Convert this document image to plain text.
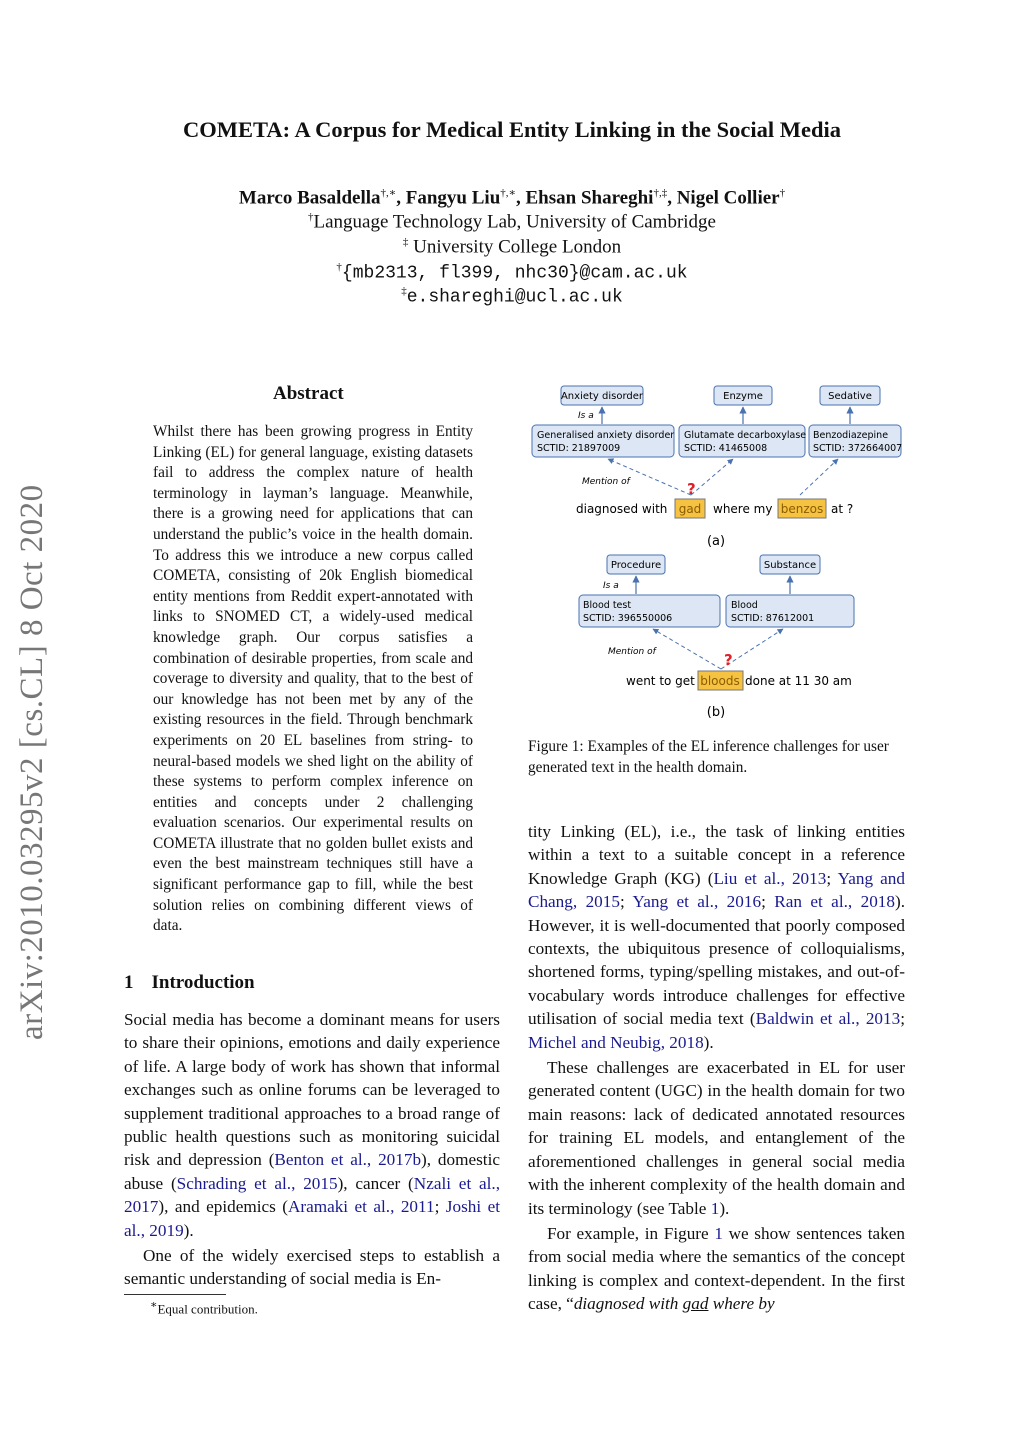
COMETA: A Corpus for Medical Entity Linking in the Social Media
Marco Basaldella†,∗, Fangyu Liu†,∗, Ehsan Shareghi†,‡, Nigel Collier†
†Language Technology Lab, University of Cambridge
‡ University College London
†{mb2313, fl399, nhc30}@cam.ac.uk
‡e.shareghi@ucl.ac.uk
arXiv:2010.03295v2 [cs.CL] 8 Oct 2020
Abstract
Whilst there has been growing progress in Entity Linking (EL) for general language, existing datasets fail to address the complex nature of health terminology in layman’s language. Meanwhile, there is a growing need for applications that can understand the public’s voice in the health domain. To address this we introduce a new corpus called COMETA, consisting of 20k English biomedical entity mentions from Reddit expert-annotated with links to SNOMED CT, a widely-used medical knowledge graph. Our corpus satisfies a combination of desirable properties, from scale and coverage to diversity and quality, that to the best of our knowledge has not been met by any of the existing resources in the field. Through benchmark experiments on 20 EL baselines from string- to neural-based models we shed light on the ability of these systems to perform complex inference on entities and concepts under 2 challenging evaluation scenarios. Our experimental results on COMETA illustrate that no golden bullet exists and even the best mainstream techniques still have a significant performance gap to fill, while the best solution relies on combining different views of data.
1 Introduction

Social media has become a dominant means for users to share their opinions, emotions and daily experience of life. A large body of work has shown that informal exchanges such as online forums can be leveraged to supplement traditional approaches to a broad range of public health questions such as monitoring suicidal risk and depression (Benton et al., 2017b), domestic abuse (Schrading et al., 2015), cancer (Nzali et al., 2017), and epidemics (Aramaki et al., 2011; Joshi et al., 2019).

One of the widely exercised steps to establish a semantic understanding of social media is En-

∗Equal contribution.
Anxiety disorder	Enzyme	Sedative
Is a
Generalised anxiety disorder
SCTID: 21897009
Glutamate decarboxylase
SCTID: 41465008
Benzodiazepine
SCTID: 372664007
Mention of	?
diagnosed with gad where my benzos at ?
(a)
Procedure	Substance
Is a
Blood test
SCTID: 396550006
Blood
SCTID: 87612001
Mention of	?
went to get bloods done at 11 30 am
(b)
Figure 1: Examples of the EL inference challenges for user generated text in the health domain.

tity Linking (EL), i.e., the task of linking entities within a text to a suitable concept in a reference Knowledge Graph (KG) (Liu et al., 2013; Yang and Chang, 2015; Yang et al., 2016; Ran et al., 2018). However, it is well-documented that poorly composed contexts, the ubiquitous presence of colloquialisms, shortened forms, typing/spelling mistakes, and out-of-vocabulary words introduce challenges for effective utilisation of social media text (Baldwin et al., 2013; Michel and Neubig, 2018).

These challenges are exacerbated in EL for user generated content (UGC) in the health domain for two main reasons: lack of dedicated annotated resources for training EL models, and entanglement of the aforementioned challenges in general social media with the inherent complexity of the health domain and its terminology (see Table 1).

For example, in Figure 1 we show sentences taken from social media where the semantics of the concept linking is complex and context-dependent. In the first case, “diagnosed with gad where by
